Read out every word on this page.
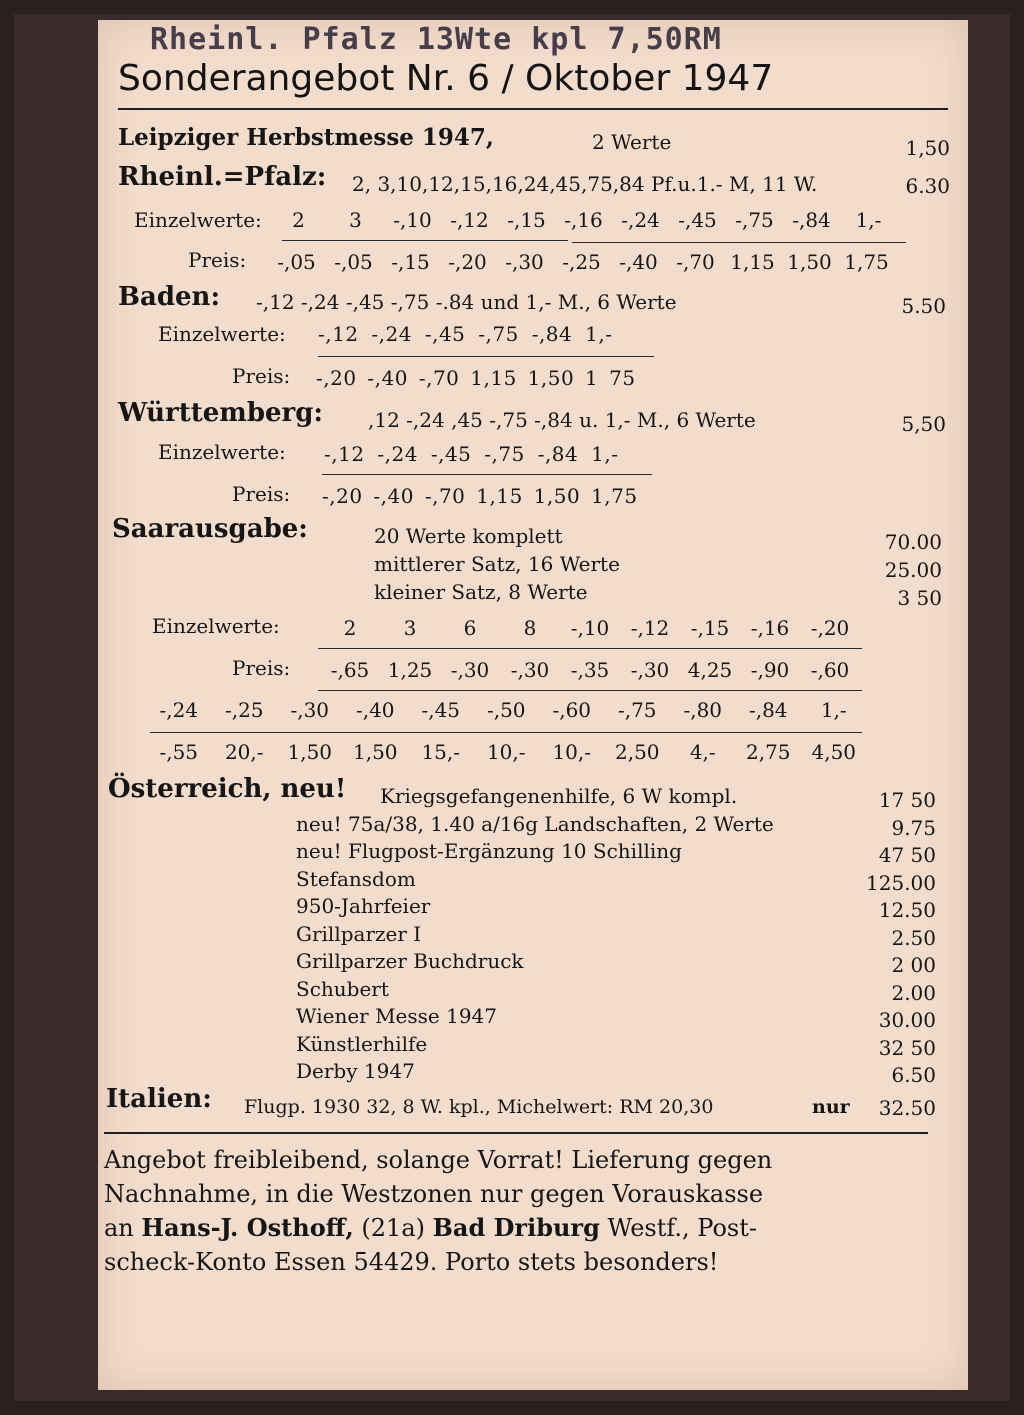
Rheinl. Pfalz 13Wte kpl 7,50RM
Sonderangebot Nr. 6 / Oktober 1947
Leipziger Herbstmesse 1947,	2 Werte	1,50
Rheinl.=Pfalz: 2, 3,10,12,15,16,24,45,75,84 Pf.u.1.- M, 11 W.	6.30
Einzelwerte:	2	3	-,10 -,12 -,15 -,16 -,24 -,45 -,75 -,84	1,-
Preis:	-,05 -,05 -,15 -,20 -,30 -,25 -,40 -,70 1,15 1,50 1,75
Baden: -,12 -,24 -,45 -,75 -.84 und 1,- M., 6 Werte	5.50
Einzelwerte: -,12 -,24 -,45 -,75 -,84 1,-
Preis: -,20 -,40 -,70 1,15 1,50 1 75
Württemberg: ,12 -,24 ,45 -,75 -,84 u. 1,- M., 6 Werte	5,50
Einzelwerte: -,12 -,24 -,45 -,75 -,84 1,-
Preis: -,20 -,40 -,70 1,15 1,50 1,75
Saarausgabe:	20 Werte komplett	70.00
mittlerer Satz, 16 Werte	25.00
kleiner Satz, 8 Werte	3 50
Einzelwerte:	2	3	6	8	-,10	-,12	-,15	-,16	-,20
Preis:	-,65 1,25 -,30	-,30	-,35	-,30 4,25 -,90	-,60
-,24	-,25	-,30	-,40	-,45	-,50	-,60	-,75	-,80	-,84	1,-
-,55	20,-	1,50	1,50	15,-	10,-	10,-	2,50	4,-	2,75	4,50
Österreich, neu! Kriegsgefangenenhilfe, 6 W kompl.	17 50
neu! 75a/38, 1.40 a/16g Landschaften, 2 Werte	9.75
neu! Flugpost-Ergänzung 10 Schilling	47 50
Stefansdom	125.00
950-Jahrfeier	12.50
Grillparzer I	2.50
Grillparzer Buchdruck	2 00
Schubert	2.00
Wiener Messe 1947	30.00
Künstlerhilfe	32 50
Derby 1947	6.50
Italien: Flugp. 1930 32, 8 W. kpl., Michelwert: RM 20,30	nur	32.50
Angebot freibleibend, solange Vorrat! Lieferung gegen
Nachnahme, in die Westzonen nur gegen Vorauskasse
an Hans-J. Osthoff, (21a) Bad Driburg Westf., Post-
scheck-Konto Essen 54429. Porto stets besonders!
